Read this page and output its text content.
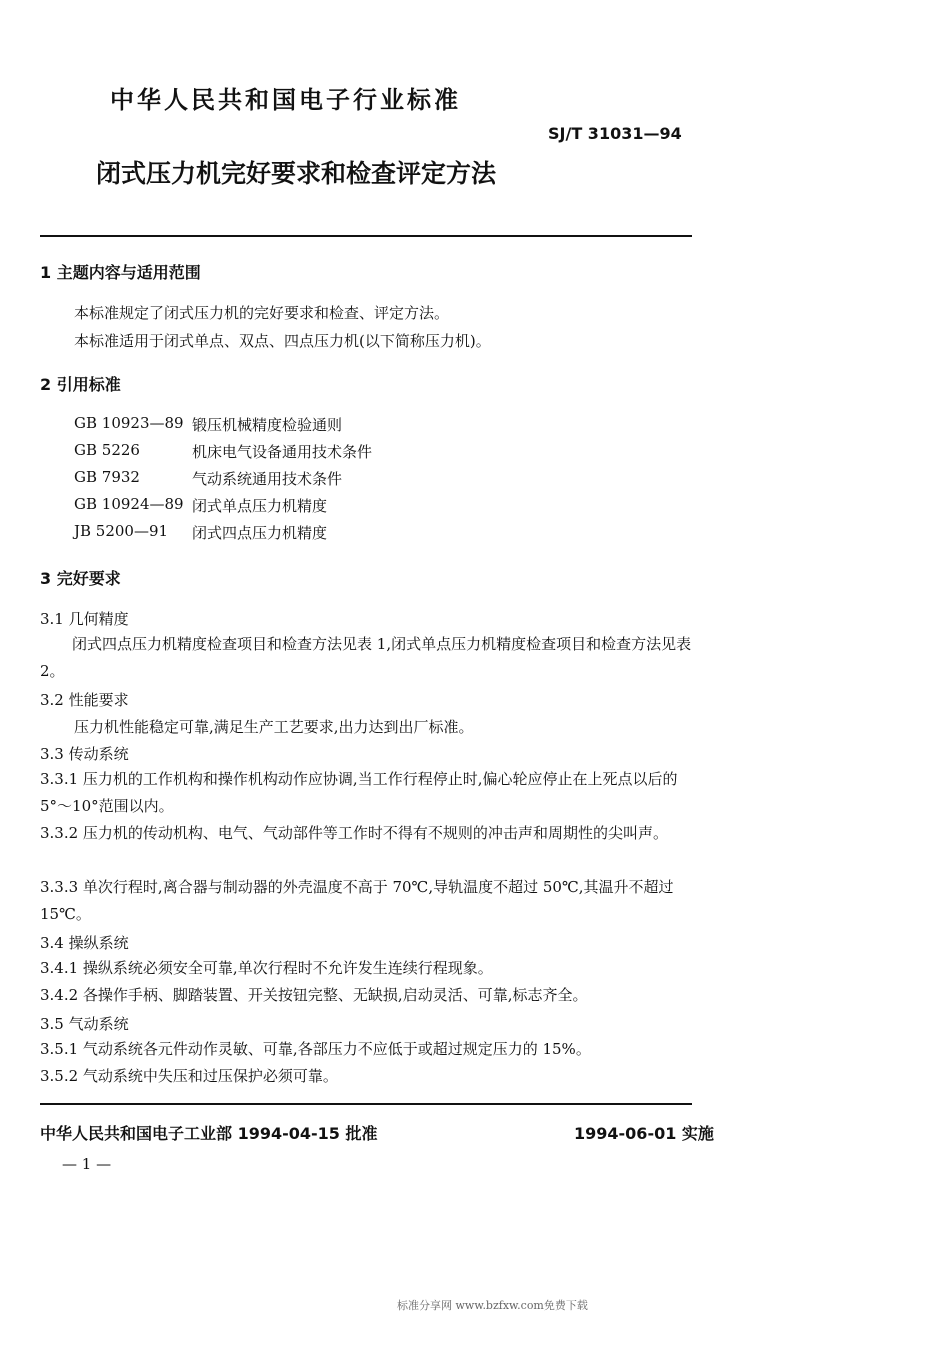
中华人民共和国电子行业标准
SJ/T 31031—94
闭式压力机完好要求和检查评定方法
1 主题内容与适用范围
本标准规定了闭式压力机的完好要求和检查、评定方法。
本标准适用于闭式单点、双点、四点压力机(以下简称压力机)。
2 引用标准
GB 10923—89 锻压机械精度检验通则
GB 5226	机床电气设备通用技术条件
GB 7932	气动系统通用技术条件
GB 10924—89 闭式单点压力机精度
JB 5200—91 闭式四点压力机精度
3 完好要求
3.1 几何精度
闭式四点压力机精度检查项目和检查方法见表 1,闭式单点压力机精度检查项目和检查方法见表 2。
3.2 性能要求
压力机性能稳定可靠,满足生产工艺要求,出力达到出厂标准。
3.3 传动系统
3.3.1 压力机的工作机构和操作机构动作应协调,当工作行程停止时,偏心轮应停止在上死点以后的 5°～10°范围以内。
3.3.2 压力机的传动机构、电气、气动部件等工作时不得有不规则的冲击声和周期性的尖叫声。
3.3.3 单次行程时,离合器与制动器的外壳温度不高于 70℃,导轨温度不超过 50℃,其温升不超过 15℃。
3.4 操纵系统
3.4.1 操纵系统必须安全可靠,单次行程时不允许发生连续行程现象。
3.4.2 各操作手柄、脚踏装置、开关按钮完整、无缺损,启动灵活、可靠,标志齐全。
3.5 气动系统
3.5.1 气动系统各元件动作灵敏、可靠,各部压力不应低于或超过规定压力的 15%。
3.5.2 气动系统中失压和过压保护必须可靠。
中华人民共和国电子工业部 1994-04-15 批准	1994-06-01 实施
— 1 —
标准分享网 www.bzfxw.com免费下载
